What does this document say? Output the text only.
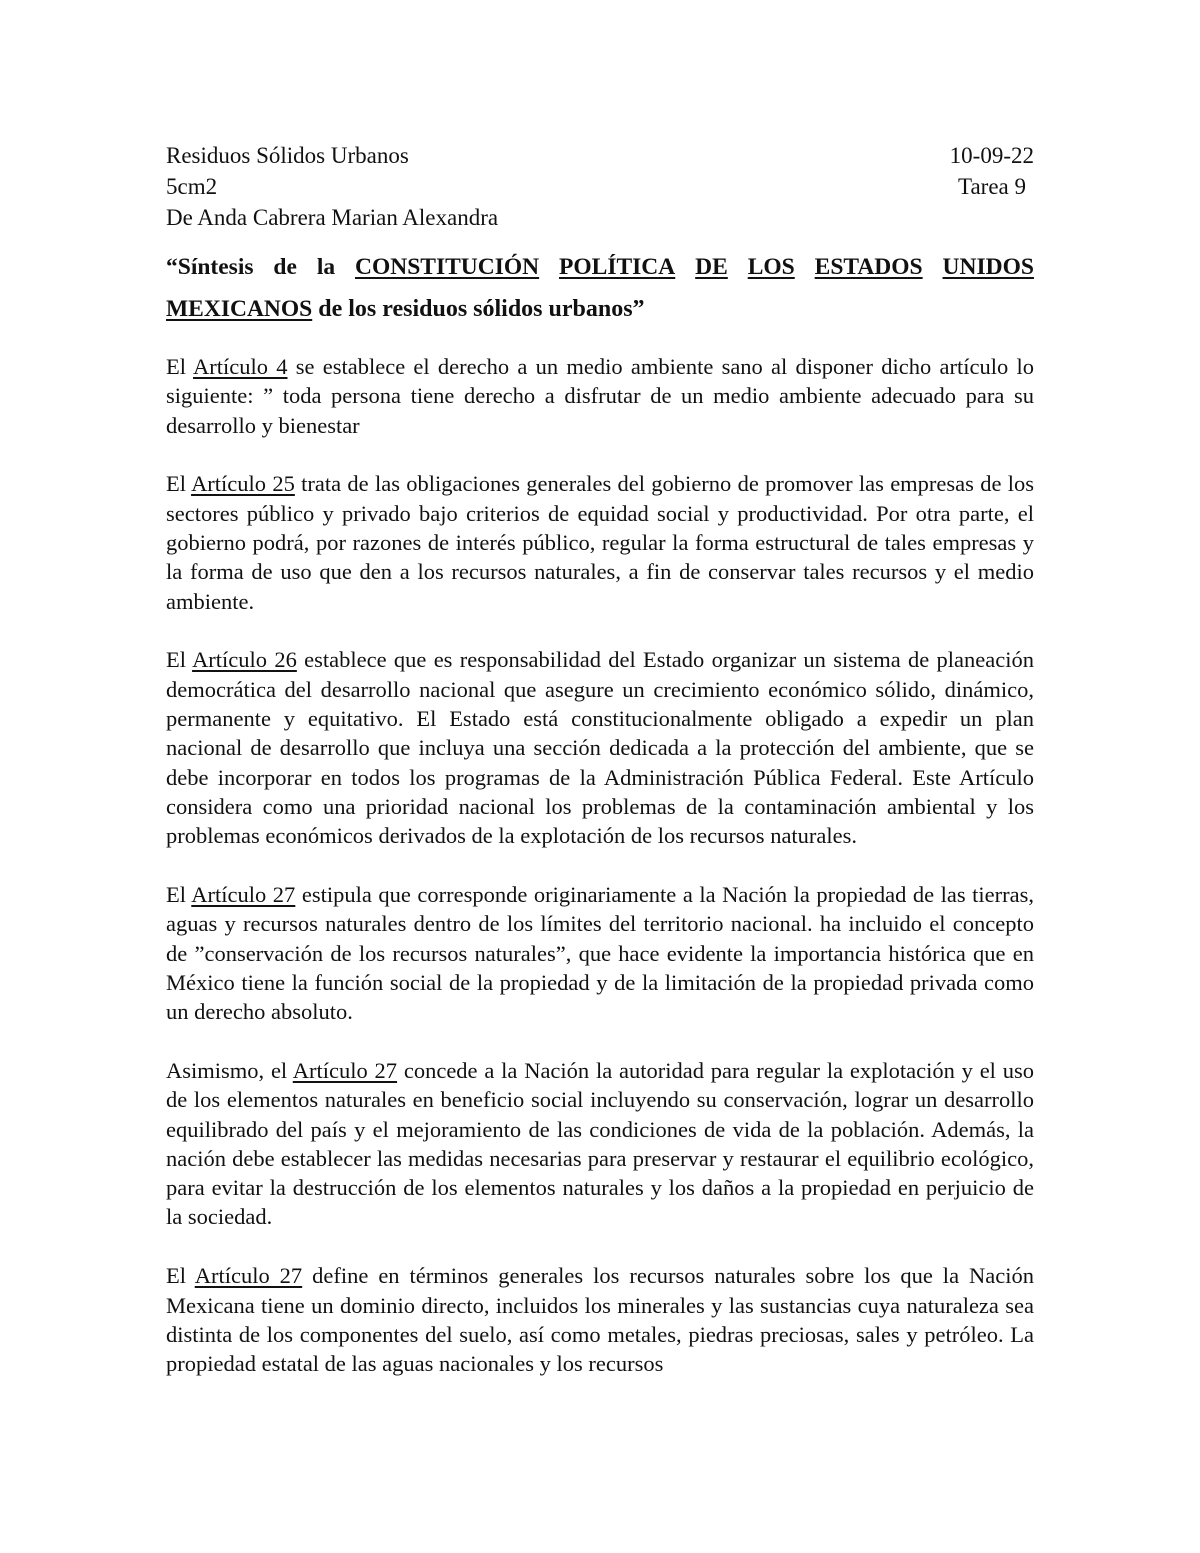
Residuos Sólidos Urbanos	10-09-22
5cm2	Tarea 9
De Anda Cabrera Marian Alexandra
“Síntesis de la CONSTITUCIÓN POLÍTICA DE LOS ESTADOS UNIDOS
MEXICANOS de los residuos sólidos urbanos”

El Artículo 4 se establece el derecho a un medio ambiente sano al disponer dicho artículo lo siguiente: ” toda persona tiene derecho a disfrutar de un medio ambiente adecuado para su desarrollo y bienestar

El Artículo 25 trata de las obligaciones generales del gobierno de promover las empresas de los sectores público y privado bajo criterios de equidad social y productividad. Por otra parte, el gobierno podrá, por razones de interés público, regular la forma estructural de tales empresas y la forma de uso que den a los recursos naturales, a fin de conservar tales recursos y el medio ambiente.

El Artículo 26 establece que es responsabilidad del Estado organizar un sistema de planeación democrática del desarrollo nacional que asegure un crecimiento económico sólido, dinámico, permanente y equitativo. El Estado está constitucionalmente obligado a expedir un plan nacional de desarrollo que incluya una sección dedicada a la protección del ambiente, que se debe incorporar en todos los programas de la Administración Pública Federal. Este Artículo considera como una prioridad nacional los problemas de la contaminación ambiental y los problemas económicos derivados de la explotación de los recursos naturales.

El Artículo 27 estipula que corresponde originariamente a la Nación la propiedad de las tierras, aguas y recursos naturales dentro de los límites del territorio nacional. ha incluido el concepto de ”conservación de los recursos naturales”, que hace evidente la importancia histórica que en México tiene la función social de la propiedad y de la limitación de la propiedad privada como un derecho absoluto.

Asimismo, el Artículo 27 concede a la Nación la autoridad para regular la explotación y el uso de los elementos naturales en beneficio social incluyendo su conservación, lograr un desarrollo equilibrado del país y el mejoramiento de las condiciones de vida de la población. Además, la nación debe establecer las medidas necesarias para preservar y restaurar el equilibrio ecológico, para evitar la destrucción de los elementos naturales y los daños a la propiedad en perjuicio de la sociedad.

El Artículo 27 define en términos generales los recursos naturales sobre los que la Nación Mexicana tiene un dominio directo, incluidos los minerales y las sustancias cuya naturaleza sea distinta de los componentes del suelo, así como metales, piedras preciosas, sales y petróleo. La propiedad estatal de las aguas nacionales y los recursos
